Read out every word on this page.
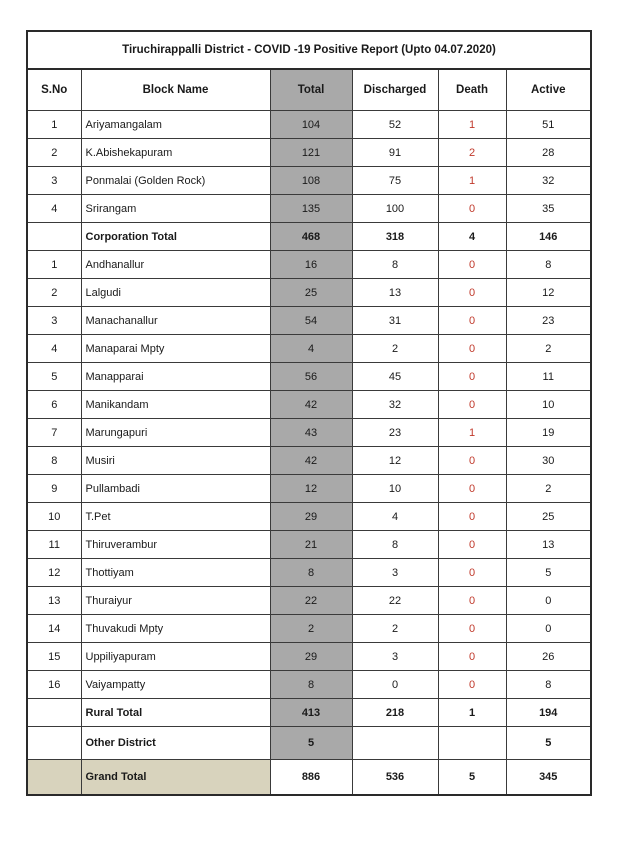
Tiruchirappalli District - COVID -19 Positive Report (Upto 04.07.2020)
S.No	Block Name	Total	Discharged	Death	Active
1	Ariyamangalam	104	52	1	51
2	K.Abishekapuram	121	91	2	28
3	Ponmalai (Golden Rock)	108	75	1	32
4	Srirangam	135	100	0	35
	Corporation Total	468	318	4	146
1	Andhanallur	16	8	0	8
2	Lalgudi	25	13	0	12
3	Manachanallur	54	31	0	23
4	Manaparai Mpty	4	2	0	2
5	Manapparai	56	45	0	11
6	Manikandam	42	32	0	10
7	Marungapuri	43	23	1	19
8	Musiri	42	12	0	30
9	Pullambadi	12	10	0	2
10	T.Pet	29	4	0	25
11	Thiruverambur	21	8	0	13
12	Thottiyam	8	3	0	5
13	Thuraiyur	22	22	0	0
14	Thuvakudi Mpty	2	2	0	0
15	Uppiliyapuram	29	3	0	26
16	Vaiyampatty	8	0	0	8
	Rural Total	413	218	1	194
	Other District	5			5
	Grand Total	886	536	5	345
